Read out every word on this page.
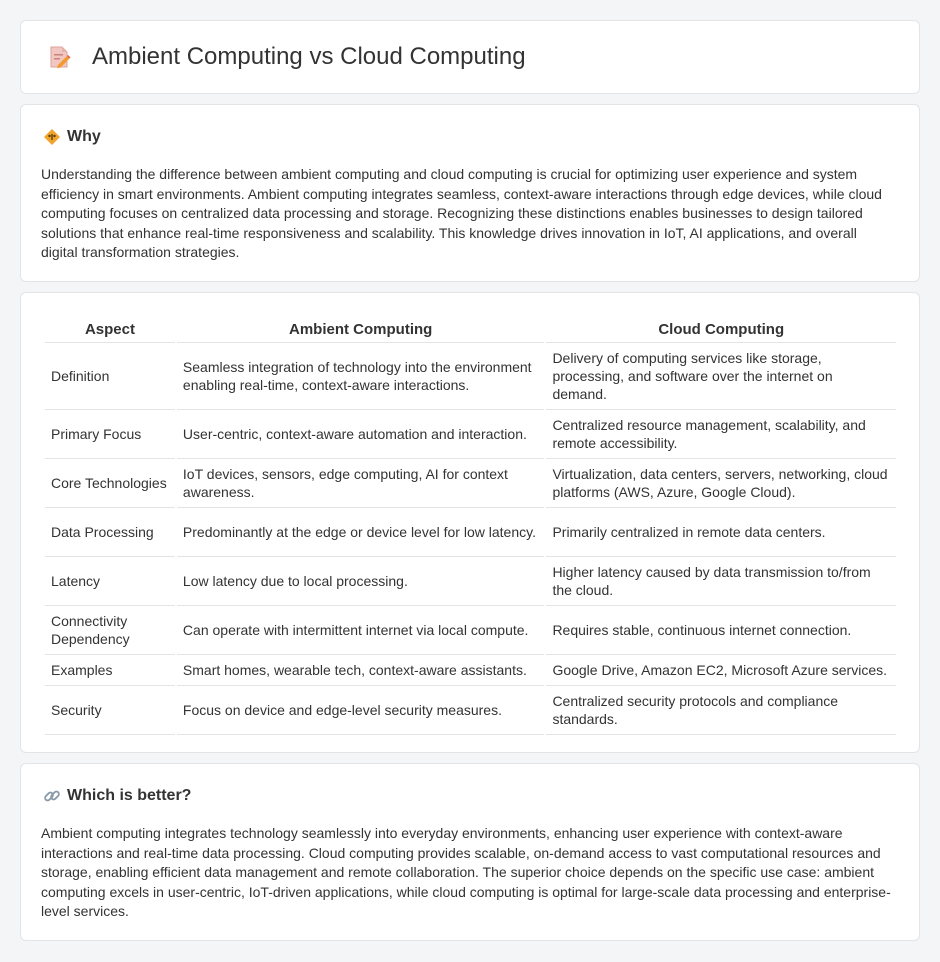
Ambient Computing vs Cloud Computing
Why

Understanding the difference between ambient computing and cloud computing is crucial for optimizing user experience and system efficiency in smart environments. Ambient computing integrates seamless, context-aware interactions through edge devices, while cloud computing focuses on centralized data processing and storage. Recognizing these distinctions enables businesses to design tailored solutions that enhance real-time responsiveness and scalability. This knowledge drives innovation in IoT, AI applications, and overall digital transformation strategies.

Aspect	Ambient Computing	Cloud Computing
Definition	Seamless integration of technology into the environment enabling real-time, context-aware interactions.	Delivery of computing services like storage, processing, and software over the internet on demand.
Primary Focus	User-centric, context-aware automation and interaction.	Centralized resource management, scalability, and remote accessibility.
Core Technologies	IoT devices, sensors, edge computing, AI for context awareness.	Virtualization, data centers, servers, networking, cloud platforms (AWS, Azure, Google Cloud).
Data Processing	Predominantly at the edge or device level for low latency.	Primarily centralized in remote data centers.
Latency	Low latency due to local processing.	Higher latency caused by data transmission to/from the cloud.
Connectivity Dependency	Can operate with intermittent internet via local compute.	Requires stable, continuous internet connection.
Examples	Smart homes, wearable tech, context-aware assistants.	Google Drive, Amazon EC2, Microsoft Azure services.
Security	Focus on device and edge-level security measures.	Centralized security protocols and compliance standards.
Which is better?

Ambient computing integrates technology seamlessly into everyday environments, enhancing user experience with context-aware interactions and real-time data processing. Cloud computing provides scalable, on-demand access to vast computational resources and storage, enabling efficient data management and remote collaboration. The superior choice depends on the specific use case: ambient computing excels in user-centric, IoT-driven applications, while cloud computing is optimal for large-scale data processing and enterprise-level services.
